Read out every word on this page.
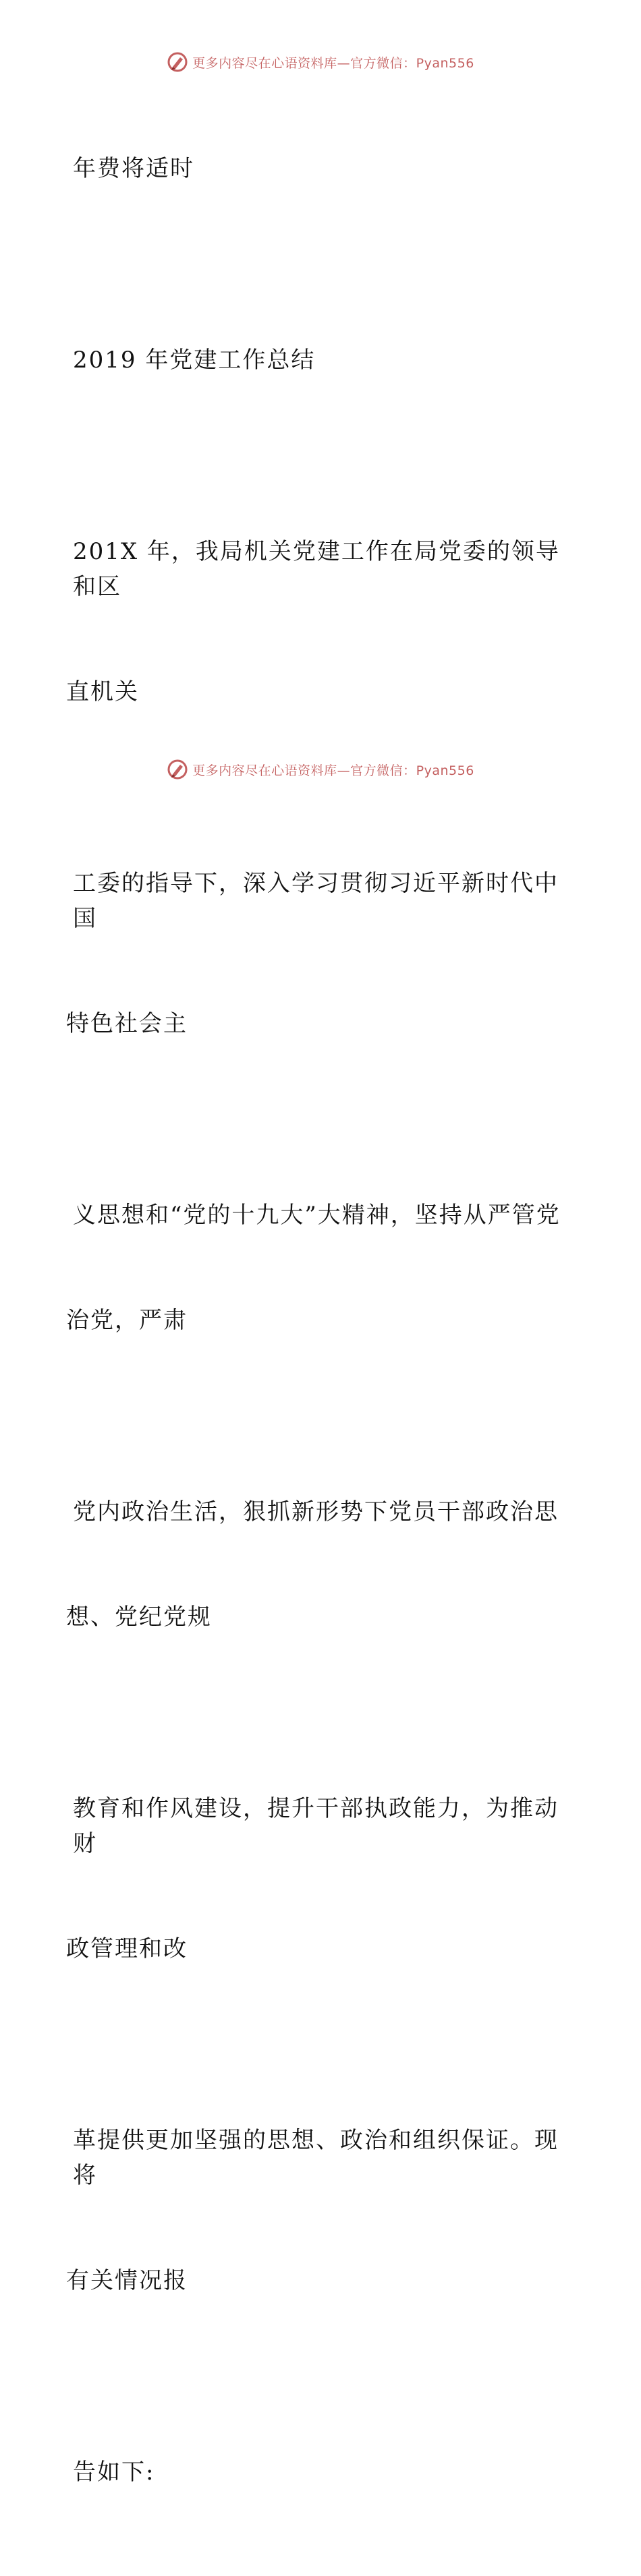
更多内容尽在心语资料库—官方微信：Pyan556

年费将适时

2019 年党建工作总结

201X 年，我局机关党建工作在局党委的领导和区

直机关

工委的指导下，深入学习贯彻习近平新时代中国

特色社会主

义思想和“党的十九大”大精神，坚持从严管党

治党，严肃

党内政治生活，狠抓新形势下党员干部政治思

想、党纪党规

教育和作风建设，提升干部执政能力，为推动财

政管理和改

革提供更加坚强的思想、政治和组织保证。现将

有关情况报

告如下:

更多内容尽在心语资料库—官方微信：Pyan556
